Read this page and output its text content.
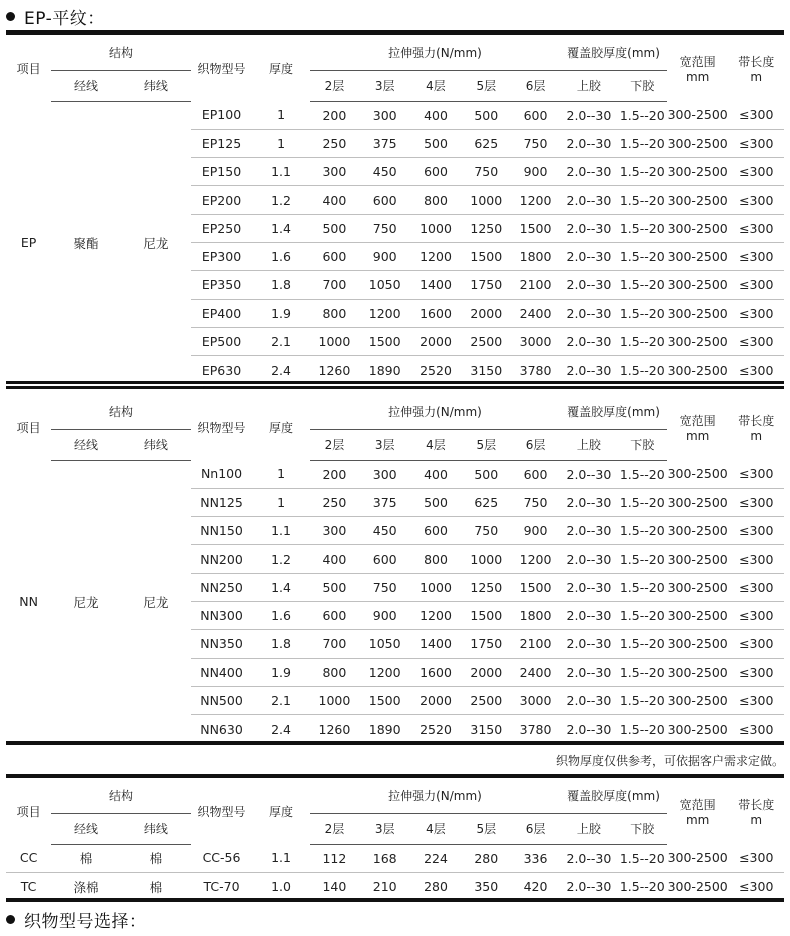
EP-平纹：
项目	结构		织物型号	厚度	拉伸强力(N/mm)					覆盖胶厚度(mm)		宽范围
mm	带长度
m
	经线	纬线			2层	3层	4层	5层	6层	上胶	下胶		
EP	聚酯	尼龙	EP100	1	200	300	400	500	600	2.0--30	1.5--20	300-2500	≤300
			EP125	1	250	375	500	625	750	2.0--30	1.5--20	300-2500	≤300
			EP150	1.1	300	450	600	750	900	2.0--30	1.5--20	300-2500	≤300
			EP200	1.2	400	600	800	1000	1200	2.0--30	1.5--20	300-2500	≤300
			EP250	1.4	500	750	1000	1250	1500	2.0--30	1.5--20	300-2500	≤300
			EP300	1.6	600	900	1200	1500	1800	2.0--30	1.5--20	300-2500	≤300
			EP350	1.8	700	1050	1400	1750	2100	2.0--30	1.5--20	300-2500	≤300
			EP400	1.9	800	1200	1600	2000	2400	2.0--30	1.5--20	300-2500	≤300
			EP500	2.1	1000	1500	2000	2500	3000	2.0--30	1.5--20	300-2500	≤300
			EP630	2.4	1260	1890	2520	3150	3780	2.0--30	1.5--20	300-2500	≤300
项目	结构		织物型号	厚度	拉伸强力(N/mm)					覆盖胶厚度(mm)		宽范围
mm	带长度
m
	经线	纬线			2层	3层	4层	5层	6层	上胶	下胶		
NN	尼龙	尼龙	Nn100	1	200	300	400	500	600	2.0--30	1.5--20	300-2500	≤300
			NN125	1	250	375	500	625	750	2.0--30	1.5--20	300-2500	≤300
			NN150	1.1	300	450	600	750	900	2.0--30	1.5--20	300-2500	≤300
			NN200	1.2	400	600	800	1000	1200	2.0--30	1.5--20	300-2500	≤300
			NN250	1.4	500	750	1000	1250	1500	2.0--30	1.5--20	300-2500	≤300
			NN300	1.6	600	900	1200	1500	1800	2.0--30	1.5--20	300-2500	≤300
			NN350	1.8	700	1050	1400	1750	2100	2.0--30	1.5--20	300-2500	≤300
			NN400	1.9	800	1200	1600	2000	2400	2.0--30	1.5--20	300-2500	≤300
			NN500	2.1	1000	1500	2000	2500	3000	2.0--30	1.5--20	300-2500	≤300
			NN630	2.4	1260	1890	2520	3150	3780	2.0--30	1.5--20	300-2500	≤300
织物厚度仅供参考，可依据客户需求定做。
项目	结构		织物型号	厚度	拉伸强力(N/mm)					覆盖胶厚度(mm)		宽范围
mm	带长度
m
	经线	纬线			2层	3层	4层	5层	6层	上胶	下胶		
CC	棉	棉	CC-56	1.1	112	168	224	280	336	2.0--30	1.5--20	300-2500	≤300
TC	涤棉	棉	TC-70	1.0	140	210	280	350	420	2.0--30	1.5--20	300-2500	≤300
织物型号选择：
